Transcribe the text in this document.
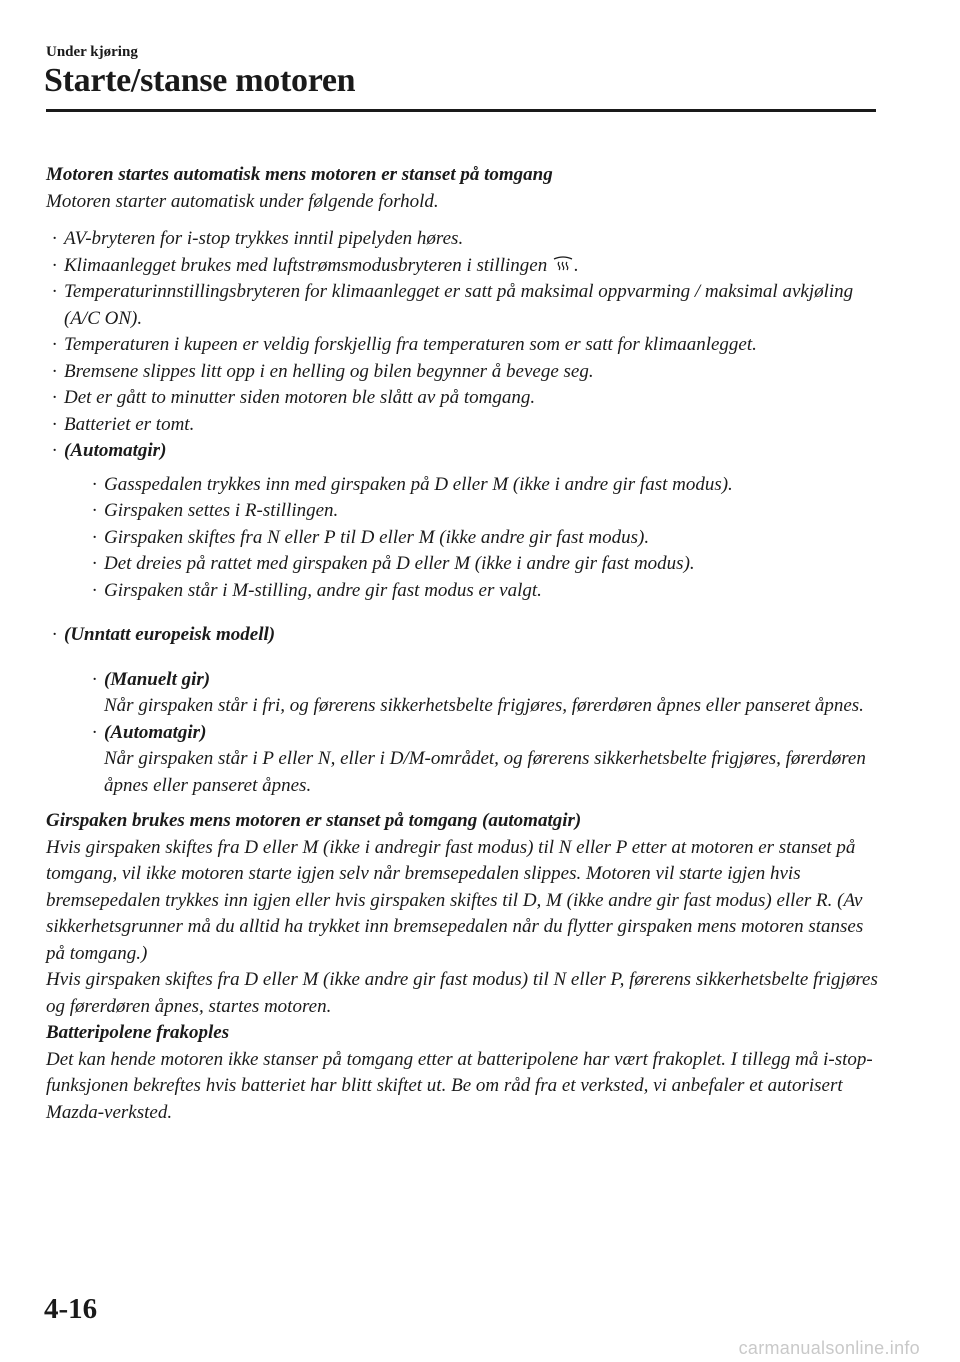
Under kjøring
Starte/stanse motoren

Motoren startes automatisk mens motoren er stanset på tomgang

Motoren starter automatisk under følgende forhold.

· AV-bryteren for i-stop trykkes inntil pipelyden høres.
· Klimaanlegget brukes med luftstrømsmodusbryteren i stillingen .
· Temperaturinnstillingsbryteren for klimaanlegget er satt på maksimal oppvarming / maksimal avkjøling (A/C ON).
· Temperaturen i kupeen er veldig forskjellig fra temperaturen som er satt for klimaanlegget.
· Bremsene slippes litt opp i en helling og bilen begynner å bevege seg.
· Det er gått to minutter siden motoren ble slått av på tomgang.
· Batteriet er tomt.
· (Automatgir)
· Gasspedalen trykkes inn med girspaken på D eller M (ikke i andre gir fast modus).
· Girspaken settes i R-stillingen.
· Girspaken skiftes fra N eller P til D eller M (ikke andre gir fast modus).
· Det dreies på rattet med girspaken på D eller M (ikke i andre gir fast modus).
· Girspaken står i M-stilling, andre gir fast modus er valgt.
· (Unntatt europeisk modell)
· (Manuelt gir)
Når girspaken står i fri, og førerens sikkerhetsbelte frigjøres, førerdøren åpnes eller panseret åpnes.
· (Automatgir)
Når girspaken står i P eller N, eller i D/M-området, og førerens sikkerhetsbelte frigjøres, førerdøren åpnes eller panseret åpnes.

Girspaken brukes mens motoren er stanset på tomgang (automatgir)

Hvis girspaken skiftes fra D eller M (ikke i andregir fast modus) til N eller P etter at motoren er stanset på tomgang, vil ikke motoren starte igjen selv når bremsepedalen slippes. Motoren vil starte igjen hvis bremsepedalen trykkes inn igjen eller hvis girspaken skiftes til D, M (ikke andre gir fast modus) eller R. (Av sikkerhetsgrunner må du alltid ha trykket inn bremsepedalen når du flytter girspaken mens motoren stanses på tomgang.)

Hvis girspaken skiftes fra D eller M (ikke andre gir fast modus) til N eller P, førerens sikkerhetsbelte frigjøres og førerdøren åpnes, startes motoren.

Batteripolene frakoples

Det kan hende motoren ikke stanser på tomgang etter at batteripolene har vært frakoplet. I tillegg må i-stop-funksjonen bekreftes hvis batteriet har blitt skiftet ut. Be om råd fra et verksted, vi anbefaler et autorisert Mazda-verksted.

4-16
carmanualsonline.info
